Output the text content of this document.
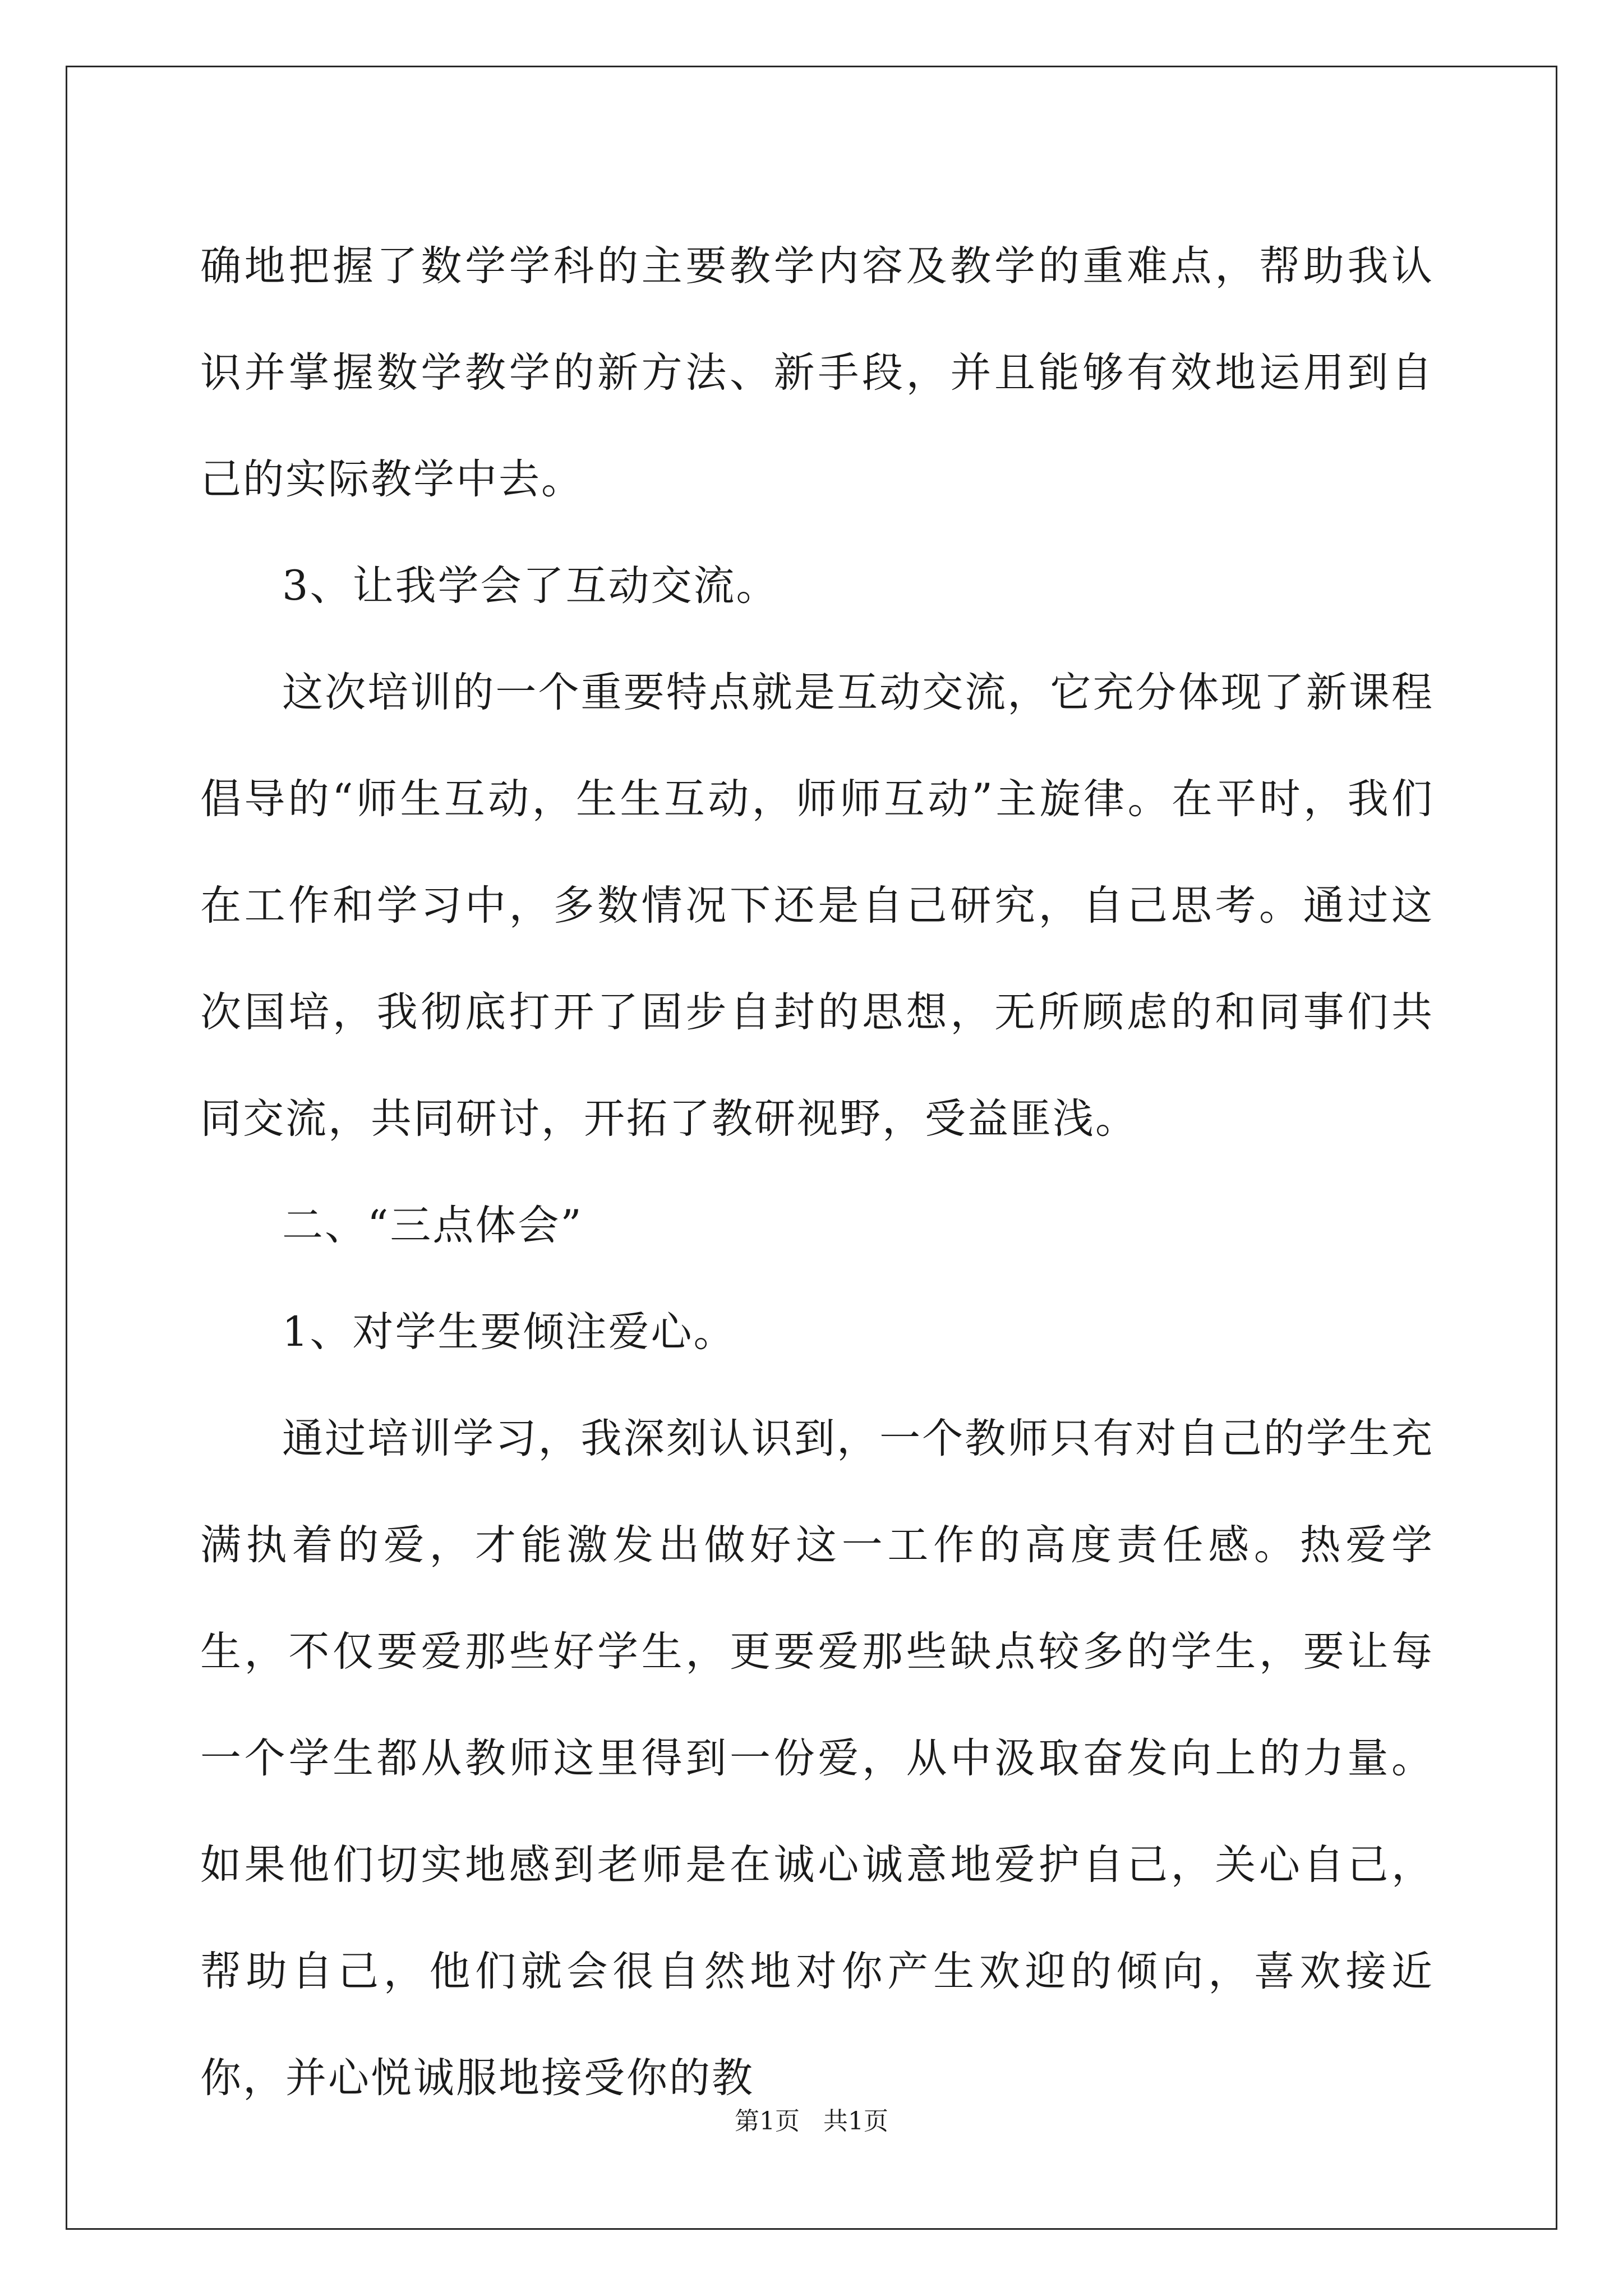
确地把握了数学学科的主要教学内容及教学的重难点，帮助我认识并掌握数学教学的新方法、新手段，并且能够有效地运用到自己的实际教学中去。

3、让我学会了互动交流。

这次培训的一个重要特点就是互动交流，它充分体现了新课程倡导的“师生互动，生生互动，师师互动”主旋律。在平时，我们在工作和学习中，多数情况下还是自己研究，自己思考。通过这次国培，我彻底打开了固步自封的思想，无所顾虑的和同事们共同交流，共同研讨，开拓了教研视野，受益匪浅。

二、“三点体会”

1、对学生要倾注爱心。

通过培训学习，我深刻认识到，一个教师只有对自己的学生充满执着的爱，才能激发出做好这一工作的高度责任感。热爱学生，不仅要爱那些好学生，更要爱那些缺点较多的学生，要让每一个学生都从教师这里得到一份爱，从中汲取奋发向上的力量。如果他们切实地感到老师是在诚心诚意地爱护自己，关心自己，帮助自己，他们就会很自然地对你产生欢迎的倾向，喜欢接近你，并心悦诚服地接受你的教

第1页 共1页
